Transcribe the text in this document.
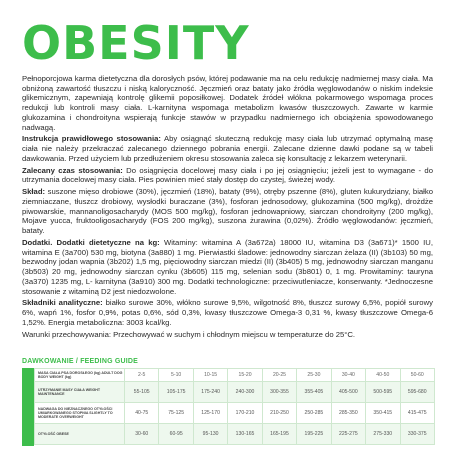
OBESITY

Pełnoporcjowa karma dietetyczna dla dorosłych psów, której podawanie ma na celu redukcję nadmiernej masy ciała. Ma obniżoną zawartość tłuszczu i niską kaloryczność. Jęczmień oraz bataty jako źródła węglowodanów o niskim indeksie glikemicznym, zapewniają kontrolę glikemii poposiłkowej. Dodatek źródeł włókna pokarmowego wspomaga proces redukcji lub kontroli masy ciała. L-karnityna wspomaga metabolizm kwasów tłuszczowych. Zawarte w karmie glukozamina i chondroityna wspierają funkcje stawów w przypadku nadmiernego ich obciążenia spowodowanego nadwagą.

Instrukcja prawidłowego stosowania: Aby osiągnąć skuteczną redukcję masy ciała lub utrzymać optymalną masę ciała nie należy przekraczać zalecanego dziennego pobrania energii. Zalecane dzienne dawki podane są w tabeli dawkowania. Przed użyciem lub przedłużeniem okresu stosowania zaleca się konsultację z lekarzem weterynarii.

Zalecany czas stosowania: Do osiągnięcia docelowej masy ciała i po jej osiągnięciu; jeżeli jest to wymagane - do utrzymania docelowej masy ciała. Pies powinien mieć stały dostęp do czystej, świeżej wody.

Skład: suszone mięso drobiowe (30%), jęczmień (18%), bataty (9%), otręby pszenne (8%), gluten kukurydziany, białko ziemniaczane, tłuszcz drobiowy, wysłodki buraczane (3%), fosforan jednosodowy, glukozamina (500 mg/kg), drożdże piwowarskie, mannanoligosacharydy (MOS 500 mg/kg), fosforan jednowapniowy, siarczan chondroityny (200 mg/kg), Mojave yucca, fruktooligosacharydy (FOS 200 mg/kg), suszona żurawina (0,02%). Źródło węglowodanów: jęczmień, bataty.

Dodatki. Dodatki dietetyczne na kg: Witaminy: witamina A (3a672a) 18000 IU, witamina D3 (3a671)* 1500 IU, witamina E (3a700) 530 mg, biotyna (3a880) 1 mg. Pierwiastki śladowe: jednowodny siarczan żelaza (II) (3b103) 50 mg, bezwodny jodan wapnia (3b202) 1,5 mg, pięciowodny siarczan miedzi (II) (3b405) 5 mg, jednowodny siarczan manganu (3b503) 20 mg, jednowodny siarczan cynku (3b605) 115 mg, selenian sodu (3b801) 0, 1 mg. Prowitaminy: tauryna (3a370) 1235 mg, L- karnityna (3a910) 300 mg. Dodatki technologiczne: przeciwutleniacze, konserwanty. *Jednoczesne stosowanie z witaminą D2 jest niedozwolone.

Składniki analityczne: białko surowe 30%, włókno surowe 9,5%, wilgotność 8%, tłuszcz surowy 6,5%, popiół surowy 6%, wapń 1%, fosfor 0,9%, potas 0,6%, sód 0,3%, kwasy tłuszczowe Omega-3 0,31 %, kwasy tłuszczowe Omega-6 1,52%. Energia metaboliczna: 3003 kcal/kg.

Warunki przechowywania: Przechowywać w suchym i chłodnym miejscu w temperaturze do 25°C.

DAWKOWANIE / FEEDING GUIDE
MASA CIAŁA PSA DOROSŁEGO (kg) ADULT DOG BODY WEIGHT (kg)	2-5	5-10	10-15	15-20	20-25	25-30	30-40	40-50	50-60
UTRZYMANIE MASY CIAŁA WEIGHT MAINTENANCE	55-105	105-175	175-240	240-300	300-355	355-405	405-500	500-595	595-680
NADWAGA DO NIEZNACZNEGO OTYŁOŚCI UMIARKOWANEGO STOPNIA SLIGHTLY TO MODERATE OVERWEIGHT	40-75	75-125	125-170	170-210	210-250	250-285	285-350	350-415	415-475
OTYŁOŚĆ OBESE	30-60	60-95	95-130	130-165	165-195	195-225	225-275	275-330	330-375
